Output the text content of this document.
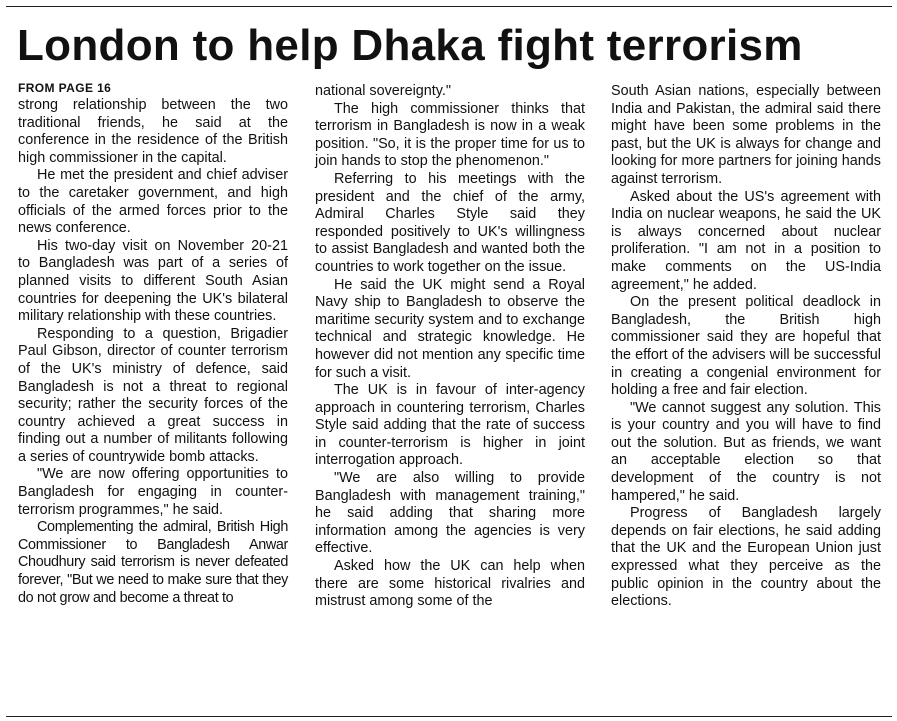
London to help Dhaka fight terrorism
FROM PAGE 16

strong relationship between the two traditional friends, he said at the conference in the residence of the British high commissioner in the capital.

He met the president and chief adviser to the caretaker government, and high officials of the armed forces prior to the news conference.

His two-day visit on November 20-21 to Bangladesh was part of a series of planned visits to different South Asian countries for deepening the UK's bilateral military relationship with these countries.

Responding to a question, Brigadier Paul Gibson, director of counter terrorism of the UK's ministry of defence, said Bangladesh is not a threat to regional security; rather the security forces of the country achieved a great success in finding out a number of militants following a series of countrywide bomb attacks.

"We are now offering opportunities to Bangladesh for engaging in counter-terrorism programmes," he said.

Complementing the admiral, British High Commissioner to Bangladesh Anwar Choudhury said terrorism is never defeated forever, "But we need to make sure that they do not grow and become a threat to

national sovereignty."

The high commissioner thinks that terrorism in Bangladesh is now in a weak position. "So, it is the proper time for us to join hands to stop the phenomenon."

Referring to his meetings with the president and the chief of the army, Admiral Charles Style said they responded positively to UK's willingness to assist Bangladesh and wanted both the countries to work together on the issue.

He said the UK might send a Royal Navy ship to Bangladesh to observe the maritime security system and to exchange technical and strategic knowledge. He however did not mention any specific time for such a visit.

The UK is in favour of inter-agency approach in countering terrorism, Charles Style said adding that the rate of success in counter-terrorism is higher in joint interrogation approach.

"We are also willing to provide Bangladesh with management training," he said adding that sharing more information among the agencies is very effective.

Asked how the UK can help when there are some historical rivalries and mistrust among some of the

South Asian nations, especially between India and Pakistan, the admiral said there might have been some problems in the past, but the UK is always for change and looking for more partners for joining hands against terrorism.

Asked about the US's agreement with India on nuclear weapons, he said the UK is always concerned about nuclear proliferation. "I am not in a position to make comments on the US-India agreement," he added.

On the present political deadlock in Bangladesh, the British high commissioner said they are hopeful that the effort of the advisers will be successful in creating a congenial environment for holding a free and fair election.

"We cannot suggest any solution. This is your country and you will have to find out the solution. But as friends, we want an acceptable election so that development of the country is not hampered," he said.

Progress of Bangladesh largely depends on fair elections, he said adding that the UK and the European Union just expressed what they perceive as the public opinion in the country about the elections.
